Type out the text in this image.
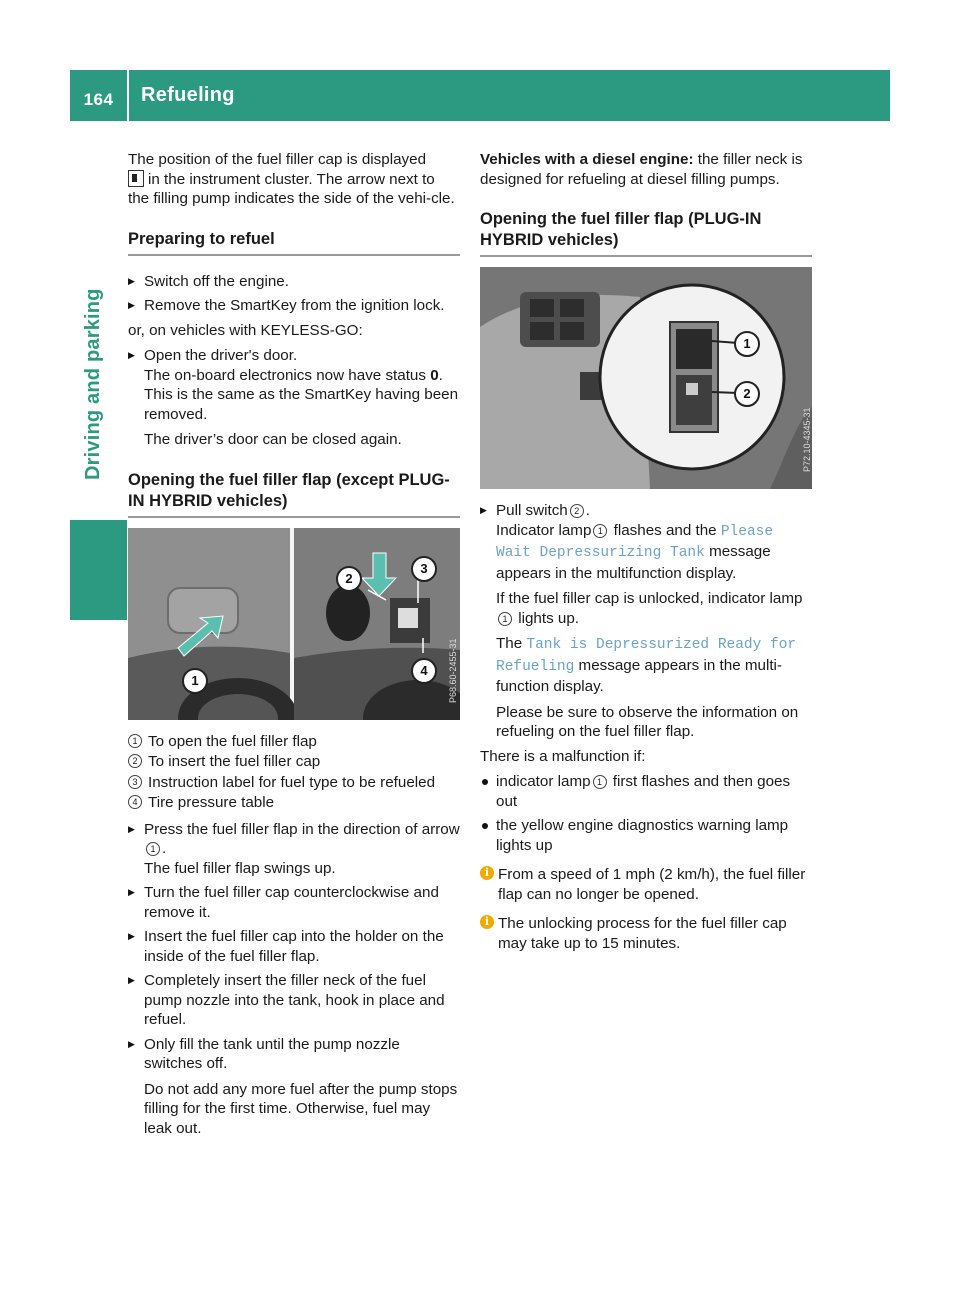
164	Refueling
Driving and parking

The position of the fuel filler cap is displayed
in the instrument cluster. The arrow next to the filling pump indicates the side of the vehi-cle.

Preparing to refuel
▶ Switch off the engine.
▶ Remove the SmartKey from the ignition lock.

or, on vehicles with KEYLESS-GO:

▶ Open the driver's door.
The on-board electronics now have status 0.
This is the same as the SmartKey having been removed.
The driver’s door can be closed again.
Opening the fuel filler flap (except PLUG-IN HYBRID vehicles)
1
2
3
4	P68.60-2455-31
1 To open the fuel filler flap
2 To insert the fuel filler cap
3 Instruction label for fuel type to be refueled
4 Tire pressure table
▶ Press the fuel filler flap in the direction of arrow1 .
The fuel filler flap swings up.
▶ Turn the fuel filler cap counterclockwise and remove it.
▶ Insert the fuel filler cap into the holder on the inside of the fuel filler flap.
▶ Completely insert the filler neck of the fuel pump nozzle into the tank, hook in place and refuel.
▶ Only fill the tank until the pump nozzle switches off.
Do not add any more fuel after the pump stops filling for the first time. Otherwise, fuel may leak out.

Vehicles with a diesel engine: the filler neck is designed for refueling at diesel filling pumps.

Opening the fuel filler flap (PLUG-IN HYBRID vehicles)
1
2
P72.10-4345-31
▶ Pull switch 2 .
Indicator lamp 1 flashes and the Please Wait Depressurizing Tank message appears in the multifunction display.
If the fuel filler cap is unlocked, indicator lamp1 lights up.
The Tank is Depressurized Ready for Refueling message appears in the multi-function display.
Please be sure to observe the information on refueling on the fuel filler flap.

There is a malfunction if:

indicator lamp 1 first flashes and then goes out
the yellow engine diagnostics warning lamp lights up
i From a speed of 1 mph (2 km/h), the fuel filler flap can no longer be opened.
i The unlocking process for the fuel filler cap may take up to 15 minutes.
